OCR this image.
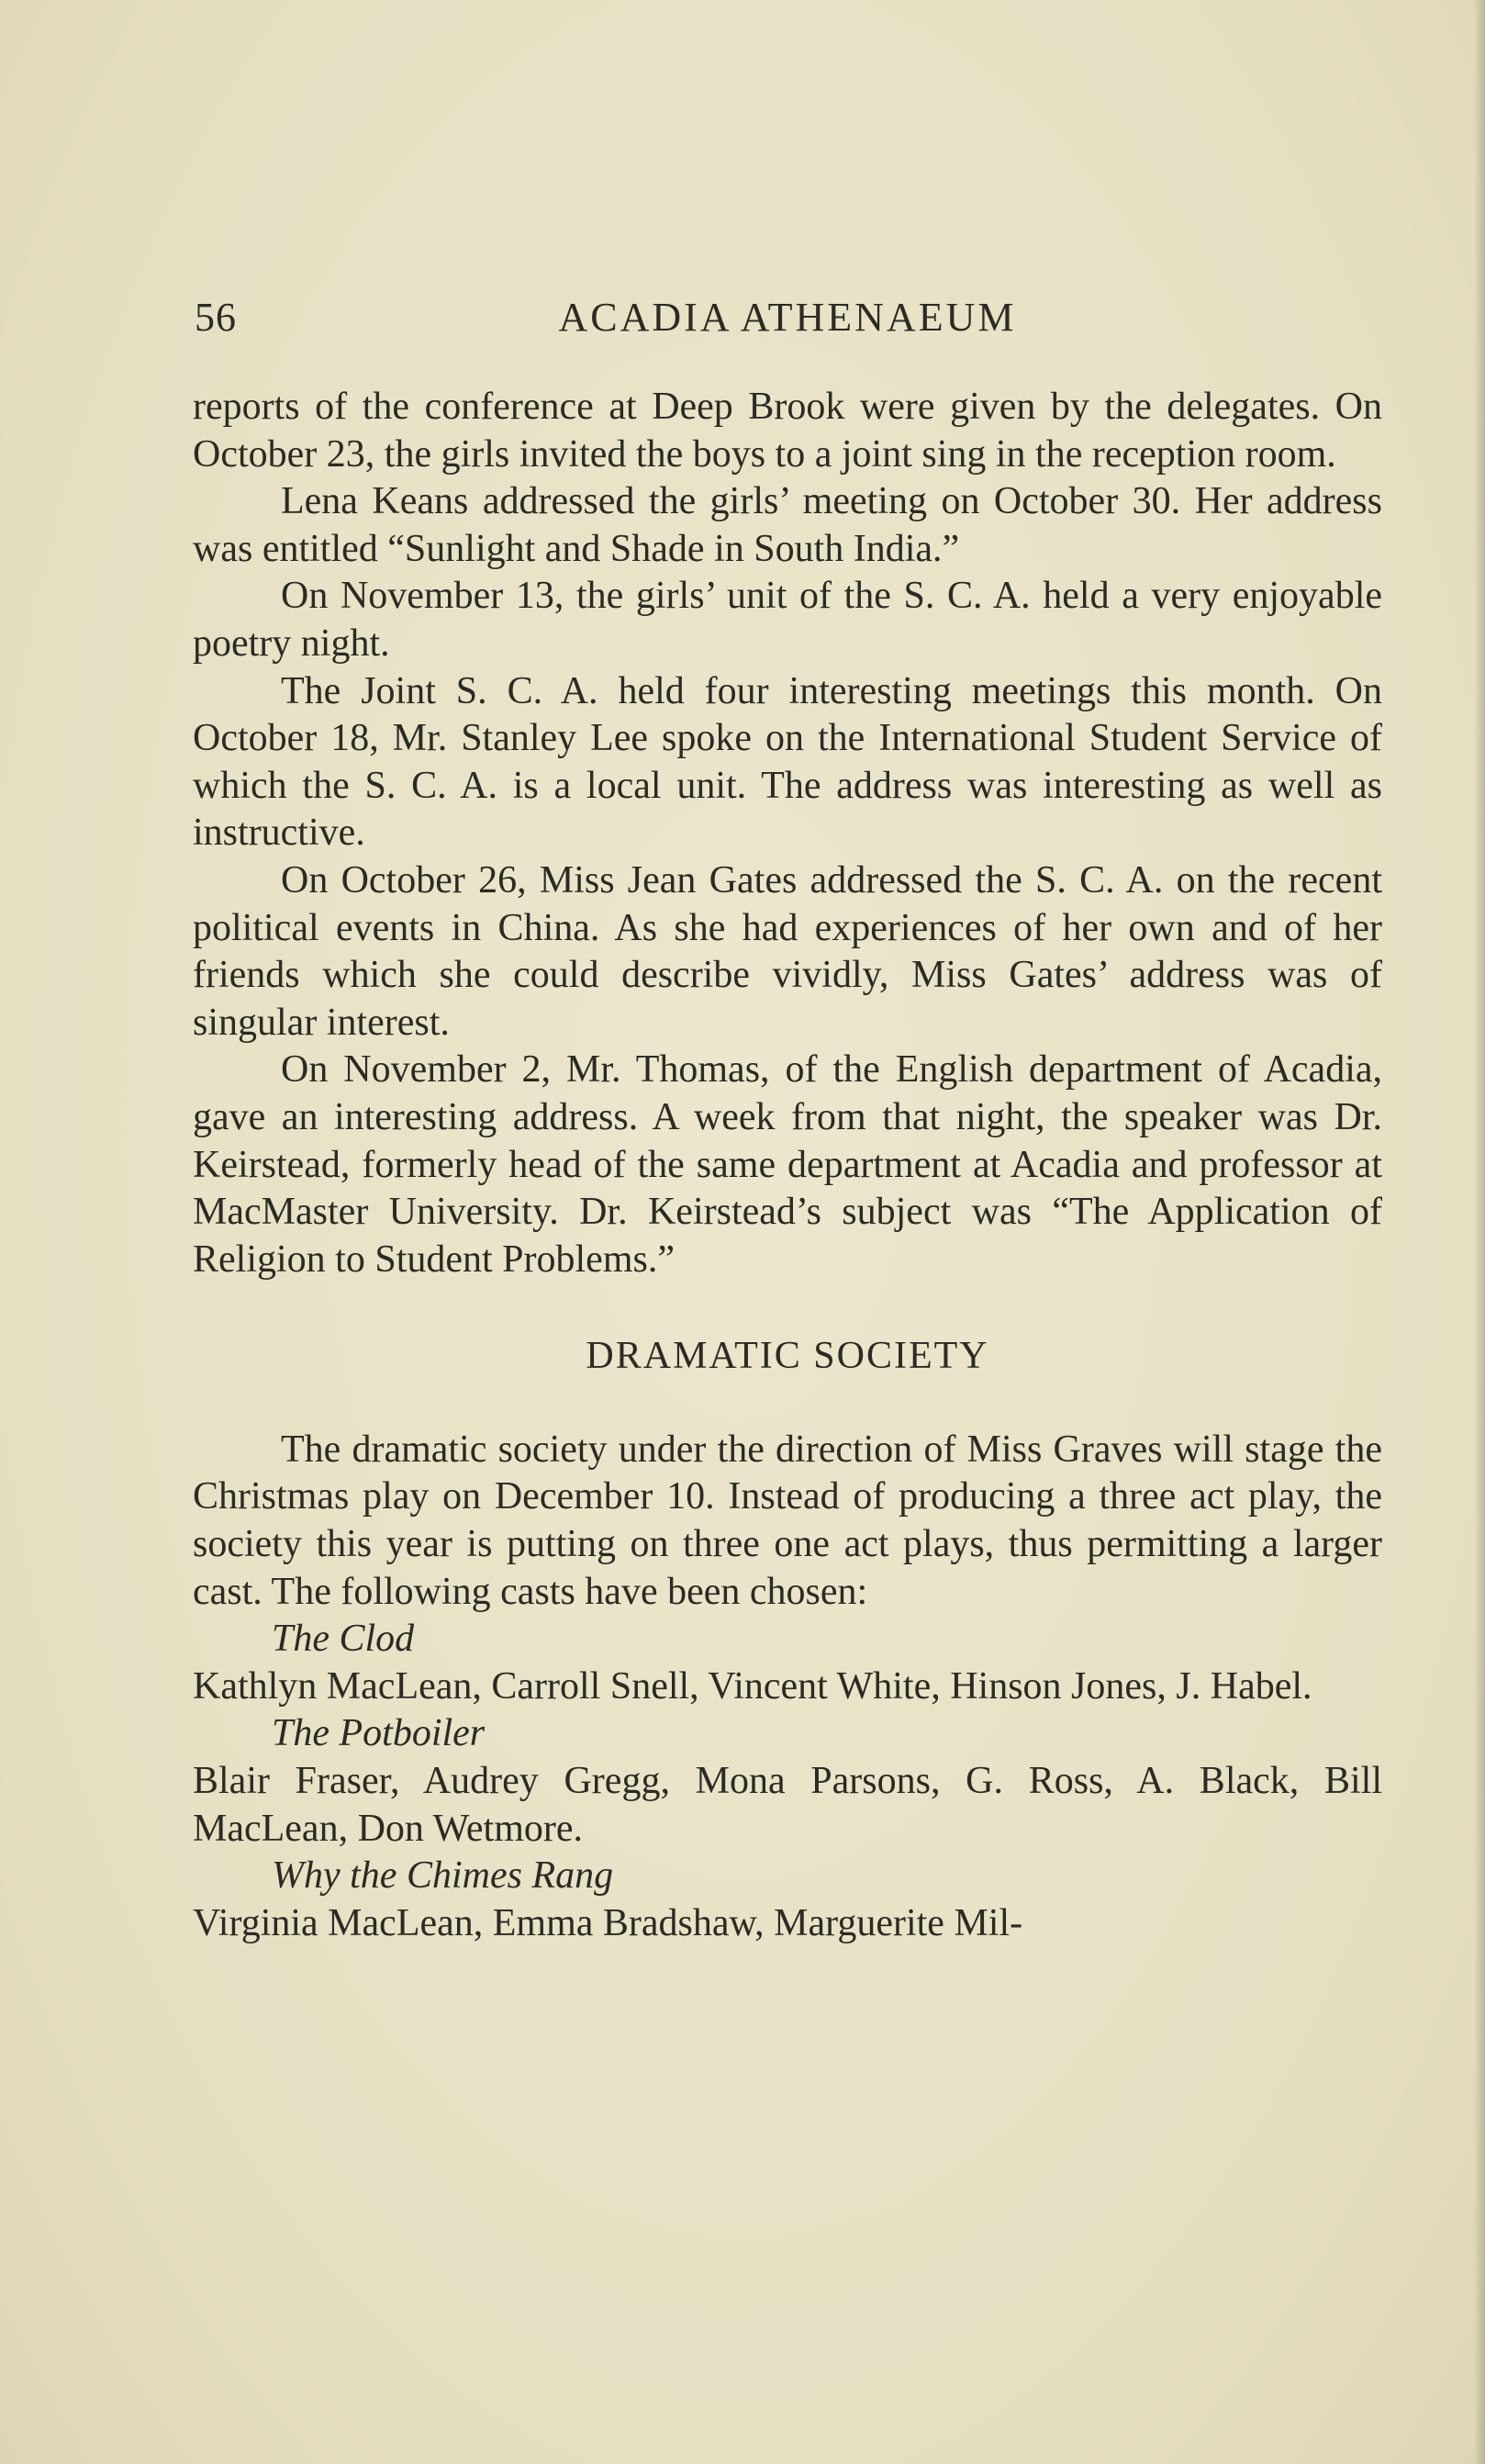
56	ACADIA ATHENAEUM

reports of the conference at Deep Brook were given by the delegates. On October 23, the girls invited the boys to a joint sing in the reception room.

Lena Keans addressed the girls’ meeting on October 30. Her address was entitled “Sunlight and Shade in South India.”

On November 13, the girls’ unit of the S. C. A. held a very enjoyable poetry night.

The Joint S. C. A. held four interesting meetings this month. On October 18, Mr. Stanley Lee spoke on the International Student Service of which the S. C. A. is a local unit. The address was interesting as well as instructive.

On October 26, Miss Jean Gates addressed the S. C. A. on the recent political events in China. As she had experiences of her own and of her friends which she could describe vividly, Miss Gates’ address was of singular interest.

On November 2, Mr. Thomas, of the English department of Acadia, gave an interesting address. A week from that night, the speaker was Dr. Keirstead, formerly head of the same department at Acadia and professor at MacMaster University. Dr. Keirstead’s subject was “The Application of Religion to Student Problems.”

DRAMATIC SOCIETY

The dramatic society under the direction of Miss Graves will stage the Christmas play on December 10. Instead of producing a three act play, the society this year is putting on three one act plays, thus permitting a larger cast. The following casts have been chosen:

The Clod

Kathlyn MacLean, Carroll Snell, Vincent White, Hinson Jones, J. Habel.

The Potboiler

Blair Fraser, Audrey Gregg, Mona Parsons, G. Ross, A. Black, Bill MacLean, Don Wetmore.

Why the Chimes Rang

Virginia MacLean, Emma Bradshaw, Marguerite Mil-
